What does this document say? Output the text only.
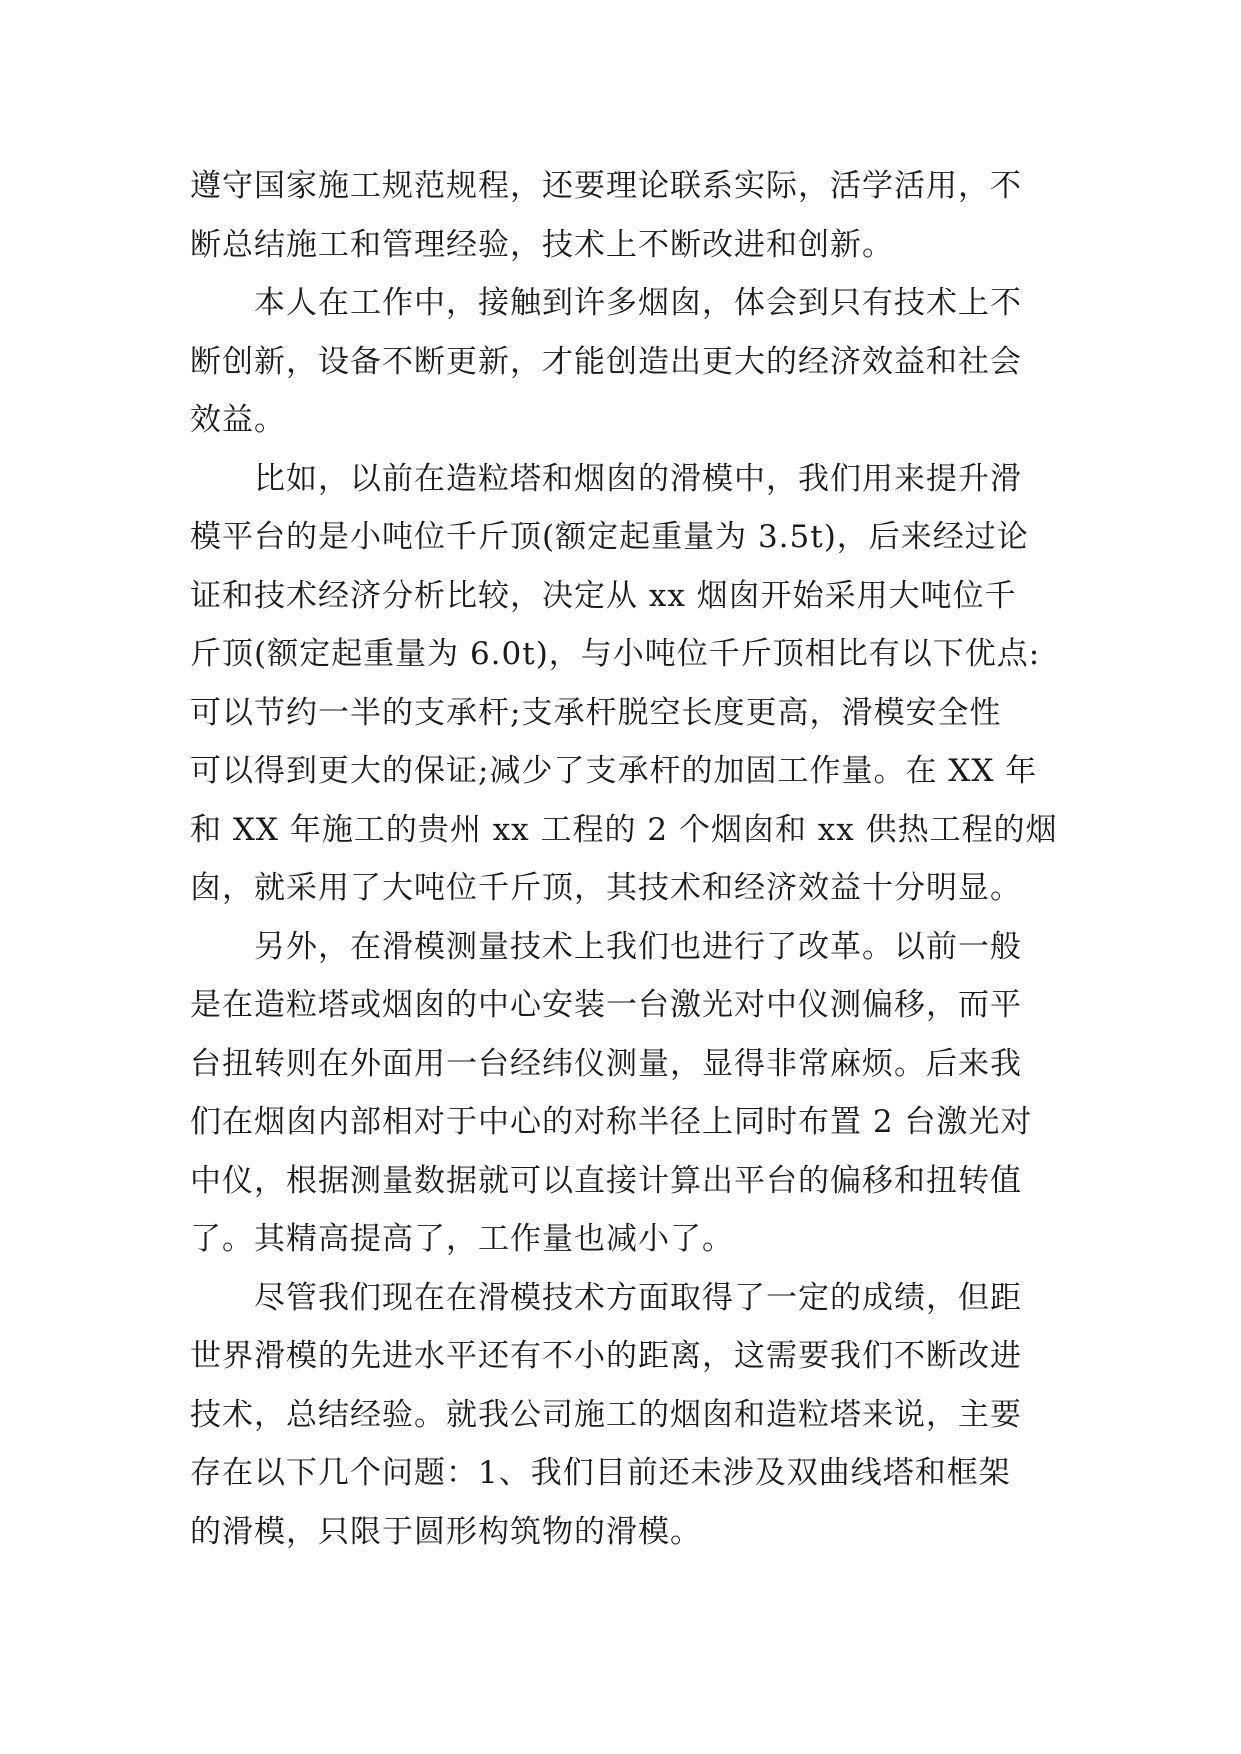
遵守国家施工规范规程，还要理论联系实际，活学活用，不
断总结施工和管理经验，技术上不断改进和创新。
本人在工作中，接触到许多烟囱，体会到只有技术上不
断创新，设备不断更新，才能创造出更大的经济效益和社会
效益。
比如，以前在造粒塔和烟囱的滑模中，我们用来提升滑
模平台的是小吨位千斤顶(额定起重量为 3.5t)，后来经过论
证和技术经济分析比较，决定从 xx 烟囱开始采用大吨位千
斤顶(额定起重量为 6.0t)，与小吨位千斤顶相比有以下优点:
可以节约一半的支承杆;支承杆脱空长度更高，滑模安全性
可以得到更大的保证;减少了支承杆的加固工作量。在 XX 年
和 XX 年施工的贵州 xx 工程的 2 个烟囱和 xx 供热工程的烟
囱，就采用了大吨位千斤顶，其技术和经济效益十分明显。
另外，在滑模测量技术上我们也进行了改革。以前一般
是在造粒塔或烟囱的中心安装一台激光对中仪测偏移，而平
台扭转则在外面用一台经纬仪测量，显得非常麻烦。后来我
们在烟囱内部相对于中心的对称半径上同时布置 2 台激光对
中仪，根据测量数据就可以直接计算出平台的偏移和扭转值
了。其精高提高了，工作量也减小了。
尽管我们现在在滑模技术方面取得了一定的成绩，但距
世界滑模的先进水平还有不小的距离，这需要我们不断改进
技术，总结经验。就我公司施工的烟囱和造粒塔来说，主要
存在以下几个问题：1、我们目前还未涉及双曲线塔和框架
的滑模，只限于圆形构筑物的滑模。
